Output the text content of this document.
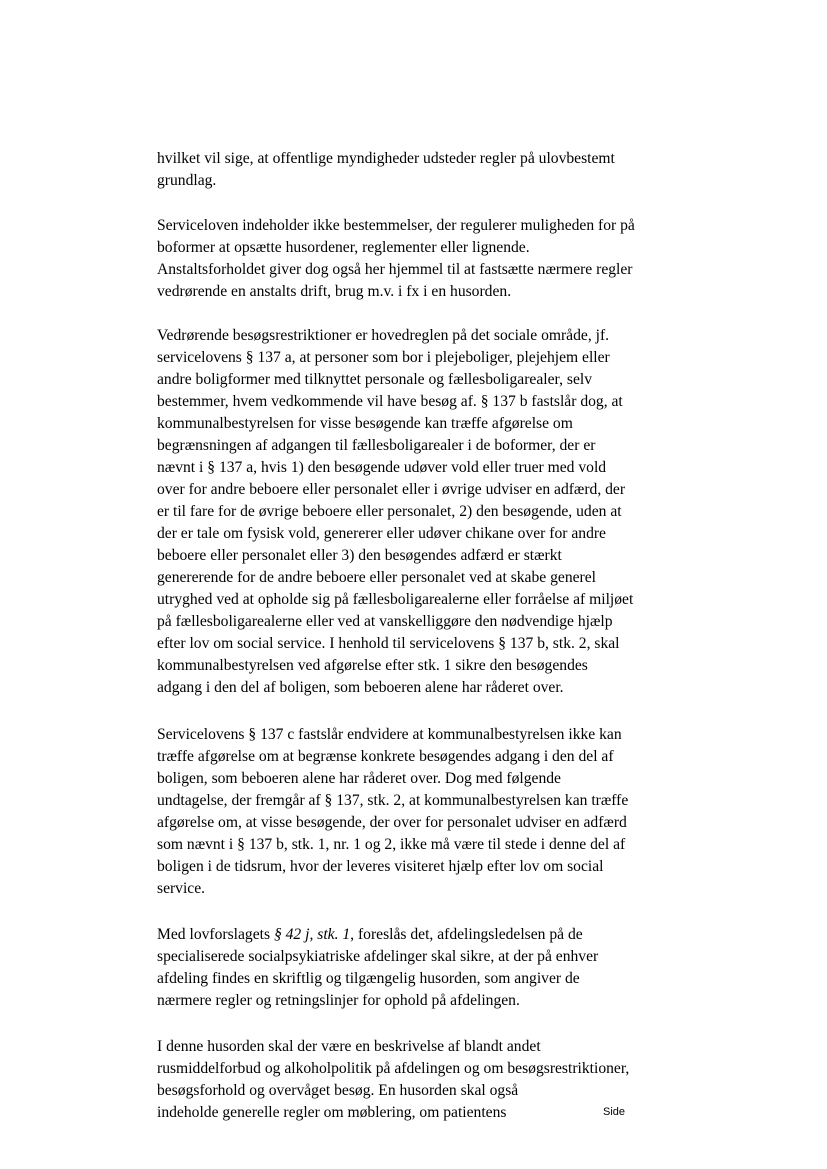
hvilket vil sige, at offentlige myndigheder udsteder regler på ulovbestemt
grundlag.
Serviceloven indeholder ikke bestemmelser, der regulerer muligheden for på
boformer at opsætte husordener, reglementer eller lignende.
Anstaltsforholdet giver dog også her hjemmel til at fastsætte nærmere regler
vedrørende en anstalts drift, brug m.v. i fx i en husorden.
Vedrørende besøgsrestriktioner er hovedreglen på det sociale område, jf.
servicelovens § 137 a, at personer som bor i plejeboliger, plejehjem eller
andre boligformer med tilknyttet personale og fællesboligarealer, selv
bestemmer, hvem vedkommende vil have besøg af. § 137 b fastslår dog, at
kommunalbestyrelsen for visse besøgende kan træffe afgørelse om
begrænsningen af adgangen til fællesboligarealer i de boformer, der er
nævnt i § 137 a, hvis 1) den besøgende udøver vold eller truer med vold
over for andre beboere eller personalet eller i øvrige udviser en adfærd, der
er til fare for de øvrige beboere eller personalet, 2) den besøgende, uden at
der er tale om fysisk vold, genererer eller udøver chikane over for andre
beboere eller personalet eller 3) den besøgendes adfærd er stærkt
genererende for de andre beboere eller personalet ved at skabe generel
utryghed ved at opholde sig på fællesboligarealerne eller forråelse af miljøet
på fællesboligarealerne eller ved at vanskelliggøre den nødvendige hjælp
efter lov om social service. I henhold til servicelovens § 137 b, stk. 2, skal
kommunalbestyrelsen ved afgørelse efter stk. 1 sikre den besøgendes
adgang i den del af boligen, som beboeren alene har råderet over.
Servicelovens § 137 c fastslår endvidere at kommunalbestyrelsen ikke kan
træffe afgørelse om at begrænse konkrete besøgendes adgang i den del af
boligen, som beboeren alene har råderet over. Dog med følgende
undtagelse, der fremgår af § 137, stk. 2, at kommunalbestyrelsen kan træffe
afgørelse om, at visse besøgende, der over for personalet udviser en adfærd
som nævnt i § 137 b, stk. 1, nr. 1 og 2, ikke må være til stede i denne del af
boligen i de tidsrum, hvor der leveres visiteret hjælp efter lov om social
service.
Med lovforslagets § 42 j, stk. 1, foreslås det, afdelingsledelsen på de
specialiserede socialpsykiatriske afdelinger skal sikre, at der på enhver
afdeling findes en skriftlig og tilgængelig husorden, som angiver de
nærmere regler og retningslinjer for ophold på afdelingen.
I denne husorden skal der være en beskrivelse af blandt andet
rusmiddelforbud og alkoholpolitik på afdelingen og om besøgsrestriktioner,
besøgsforhold og overvåget besøg. En husorden skal også
indeholde generelle regler om møblering, om patientens	Side
